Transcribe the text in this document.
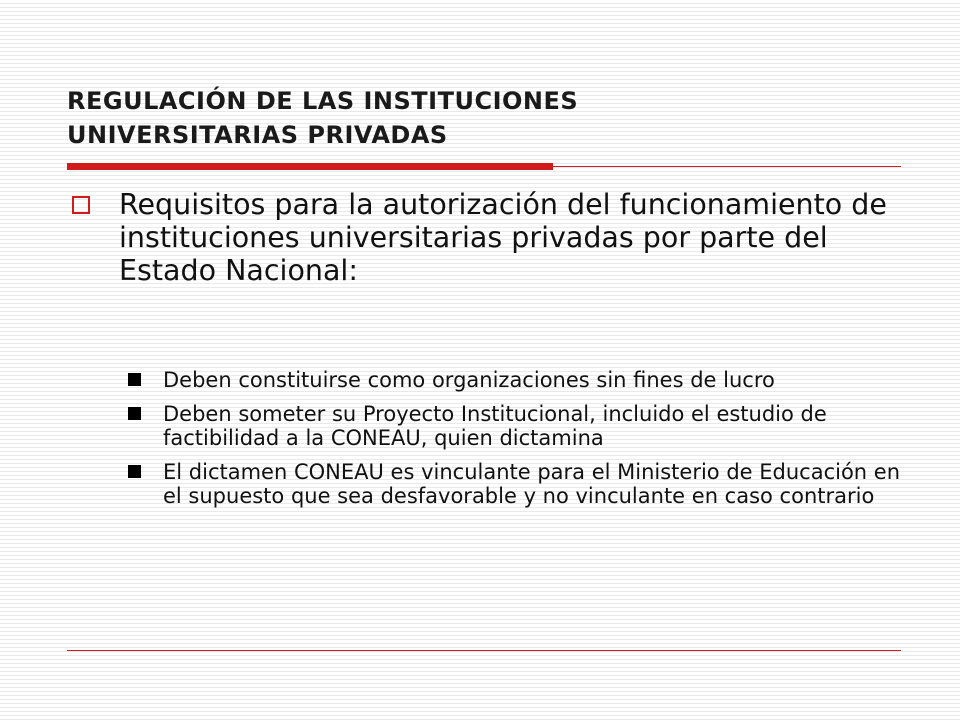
REGULACIÓN DE LAS INSTITUCIONES
UNIVERSITARIAS PRIVADAS
Requisitos para la autorización del funcionamiento de instituciones universitarias privadas por parte del Estado Nacional:
Deben constituirse como organizaciones sin fines de lucro
Deben someter su Proyecto Institucional, incluido el estudio de factibilidad a la CONEAU, quien dictamina
El dictamen CONEAU es vinculante para el Ministerio de Educación en el supuesto que sea desfavorable y no vinculante en caso contrario
